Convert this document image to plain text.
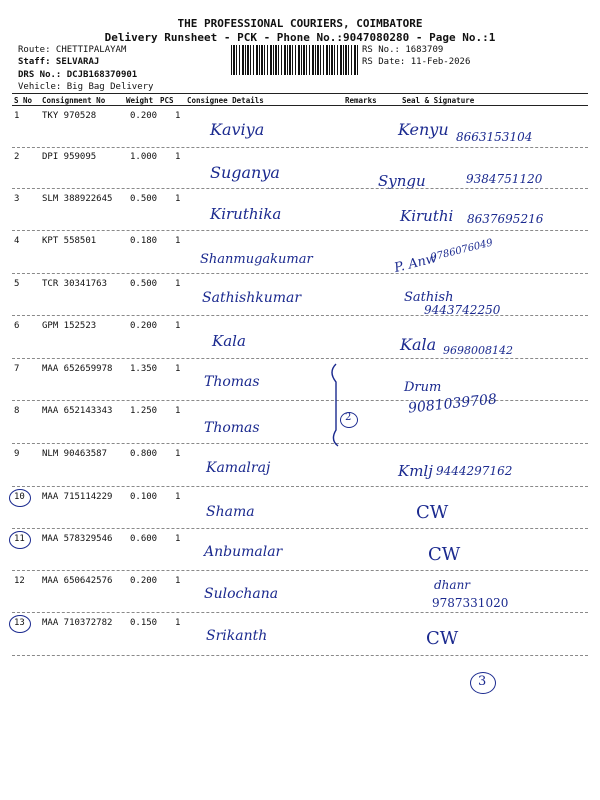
THE PROFESSIONAL COURIERS, COIMBATORE
Delivery Runsheet - PCK - Phone No.:9047080280 - Page No.:1
Route: CHETTIPALAYAM
Staff: SELVARAJ
DRS No.: DCJB168370901
Vehicle: Big Bag Delivery
RS No.: 1683709
RS Date: 11-Feb-2026
S No Consignment No	Weight PCS Consignee Details	Remarks	Seal & Signature
1	TKY 970528	0.200 1
Kaviya	Kenyu 8663153104
2	DPI 959095	1.000 1
Suganya	Syngu	9384751120
3	SLM 388922645 0.500 1
Kiruthika	Kiruthi 8637695216
4	KPT 558501	0.180 1
Shanmugakumar	P. Anw
9786076049
5	TCR 30341763	0.500 1
Sathishkumar	Sathish
9443742250
6	GPM 152523	0.200 1
Kala	Kala 9698008142
7	MAA 652659978 1.350 1
Thomas	Drum
8	MAA 652143343 1.250 1
Thomas
9081039708
2
9	NLM 90463587	0.800 1
Kamalraj	Kmlj 9444297162
10 MAA 715114229 0.100 1
Shama	CW
11 MAA 578329546 0.600 1
Anbumalar	CW
12 MAA 650642576 0.200 1
Sulochana
dhanr
9787331020
13 MAA 710372782 0.150 1
Srikanth	CW
3
